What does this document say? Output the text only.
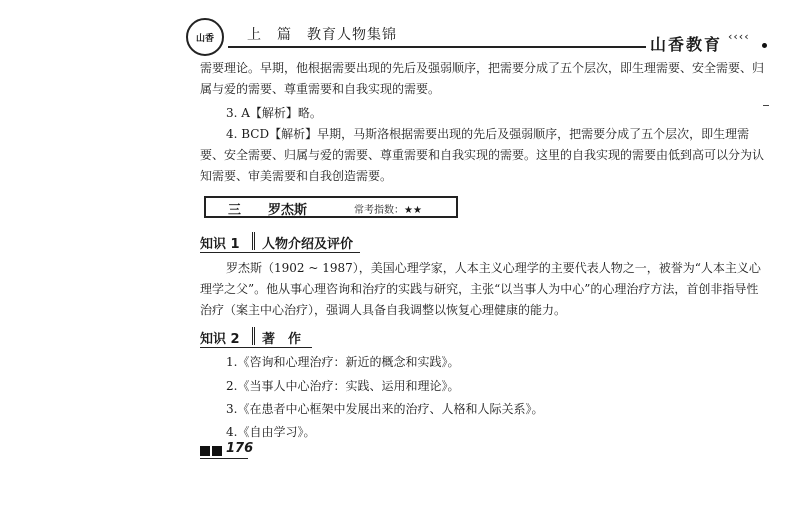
山香	上　篇　教育人物集锦	山香教育 ‹‹‹‹
需要理论。早期，他根据需要出现的先后及强弱顺序，把需要分成了五个层次，即生理需要、安全需要、归属与爱的需要、尊重需要和自我实现的需要。
3. A【解析】略。
4. BCD【解析】早期，马斯洛根据需要出现的先后及强弱顺序，把需要分成了五个层次，即生理需要、安全需要、归属与爱的需要、尊重需要和自我实现的需要。这里的自我实现的需要由低到高可以分为认知需要、审美需要和自我创造需要。
三 罗杰斯	常考指数：★★
知识 1 人物介绍及评价
罗杰斯（1902 ~ 1987），美国心理学家，人本主义心理学的主要代表人物之一，被誉为“人本主义心理学之父”。他从事心理咨询和治疗的实践与研究，主张“以当事人为中心”的心理治疗方法，首创非指导性治疗（案主中心治疗），强调人具备自我调整以恢复心理健康的能力。
知识 2 著　作
1.《咨询和心理治疗：新近的概念和实践》。
2.《当事人中心治疗：实践、运用和理论》。
3.《在患者中心框架中发展出来的治疗、人格和人际关系》。
4.《自由学习》。
176
